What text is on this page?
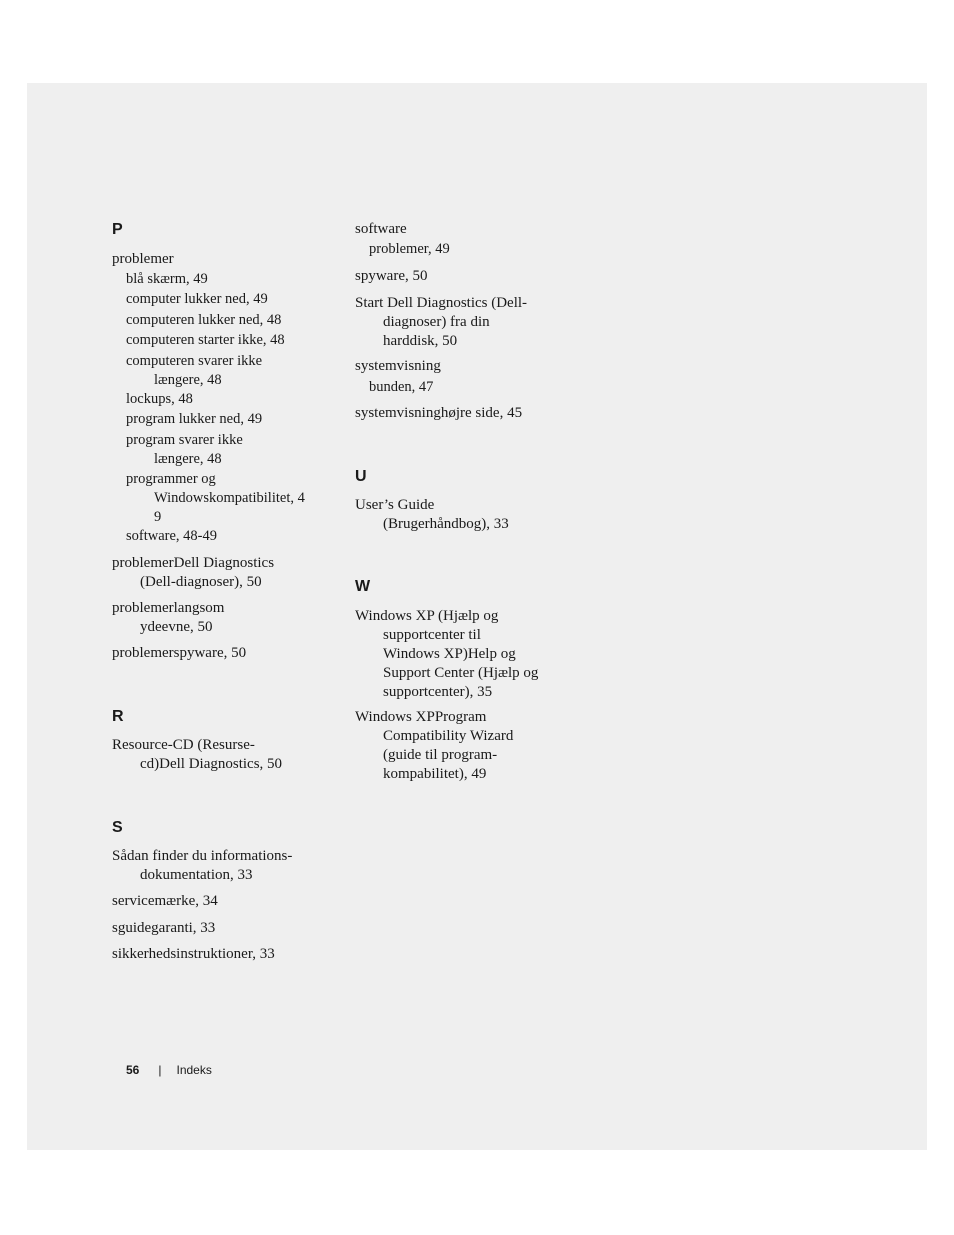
P
problemer
blå skærm, 49
computer lukker ned, 49
computeren lukker ned, 48
computeren starter ikke, 48
computeren svarer ikke
længere, 48
lockups, 48
program lukker ned, 49
program svarer ikke
længere, 48
programmer og
Windowskompatibilitet, 4
9
software, 48-49
problemerDell Diagnostics
(Dell-diagnoser), 50
problemerlangsom
ydeevne, 50
problemerspyware, 50
R
Resource-CD (Resurse-
cd)Dell Diagnostics, 50
S
Sådan finder du informations-
dokumentation, 33
servicemærke, 34
sguidegaranti, 33
sikkerhedsinstruktioner, 33
software
problemer, 49
spyware, 50
Start Dell Diagnostics (Dell-
diagnoser) fra din
harddisk, 50
systemvisning
bunden, 47
systemvisninghøjre side, 45
U
User’s Guide
(Brugerhåndbog), 33
W
Windows XP (Hjælp og
supportcenter til
Windows XP)Help og
Support Center (Hjælp og
supportcenter), 35
Windows XPProgram
Compatibility Wizard
(guide til program-
kompabilitet), 49
56 | Indeks
